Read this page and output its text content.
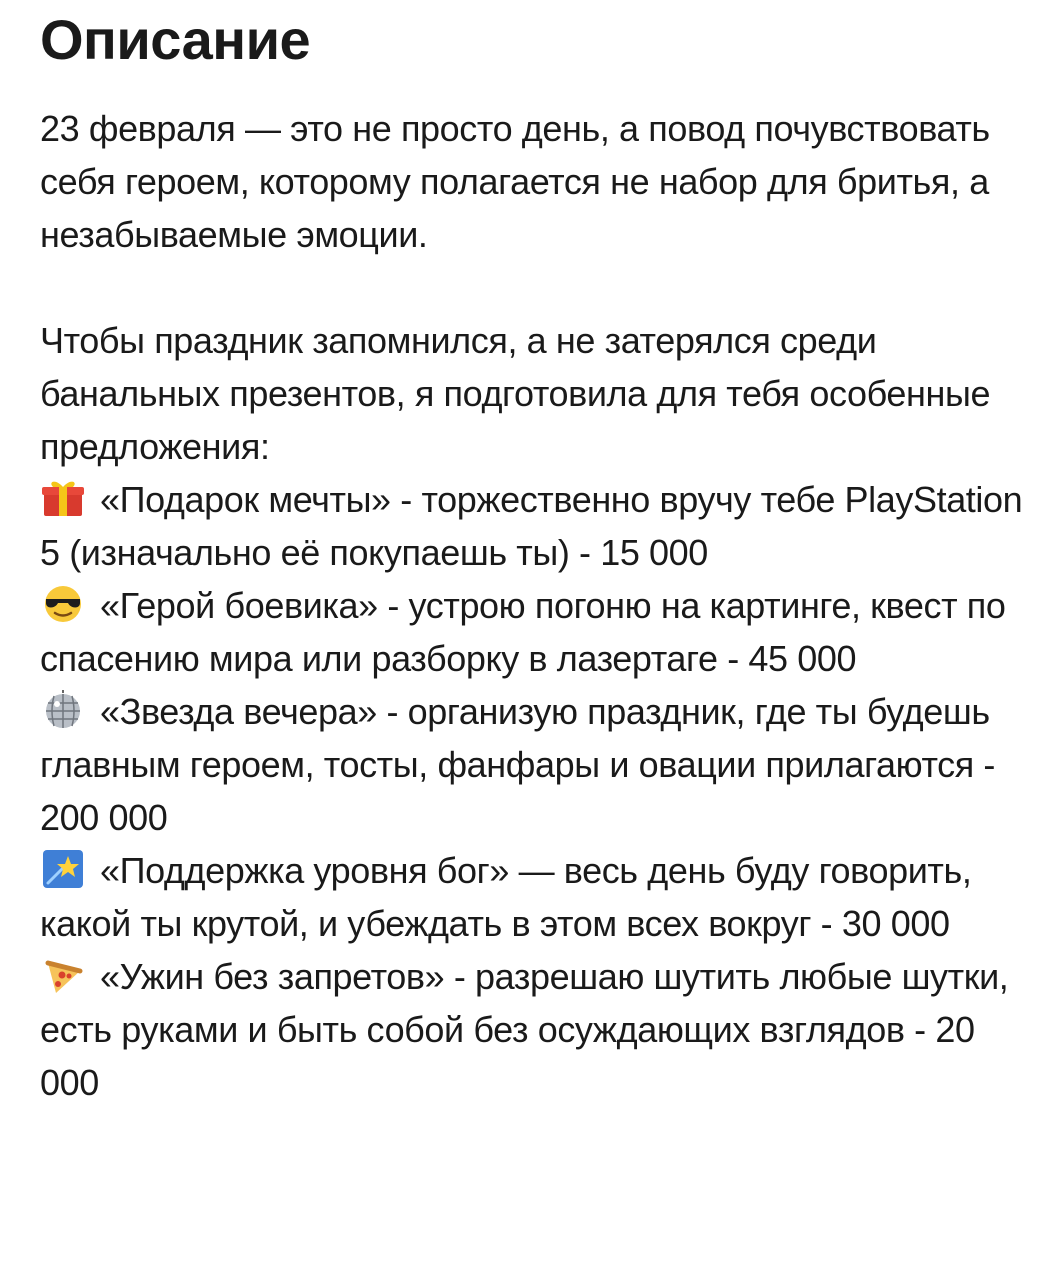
Описание

23 февраля — это не просто день, а повод почувствовать себя героем, которому полагается не набор для бритья, а незабываемые эмоции.

Чтобы праздник запомнился, а не затерялся среди банальных презентов, я подготовила для тебя особенные предложения:

«Подарок мечты» - торжественно вручу тебе PlayStation 5 (изначально её покупаешь ты) - 15 000

«Герой боевика» - устрою погоню на картинге, квест по спасению мира или разборку в лазертаге - 45 000

«Звезда вечера» - организую праздник, где ты будешь главным героем, тосты, фанфары и овации прилагаются - 200 000

«Поддержка уровня бог» — весь день буду говорить, какой ты крутой, и убеждать в этом всех вокруг - 30 000

«Ужин без запретов» - разрешаю шутить любые шутки, есть руками и быть собой без осуждающих взглядов - 20 000
